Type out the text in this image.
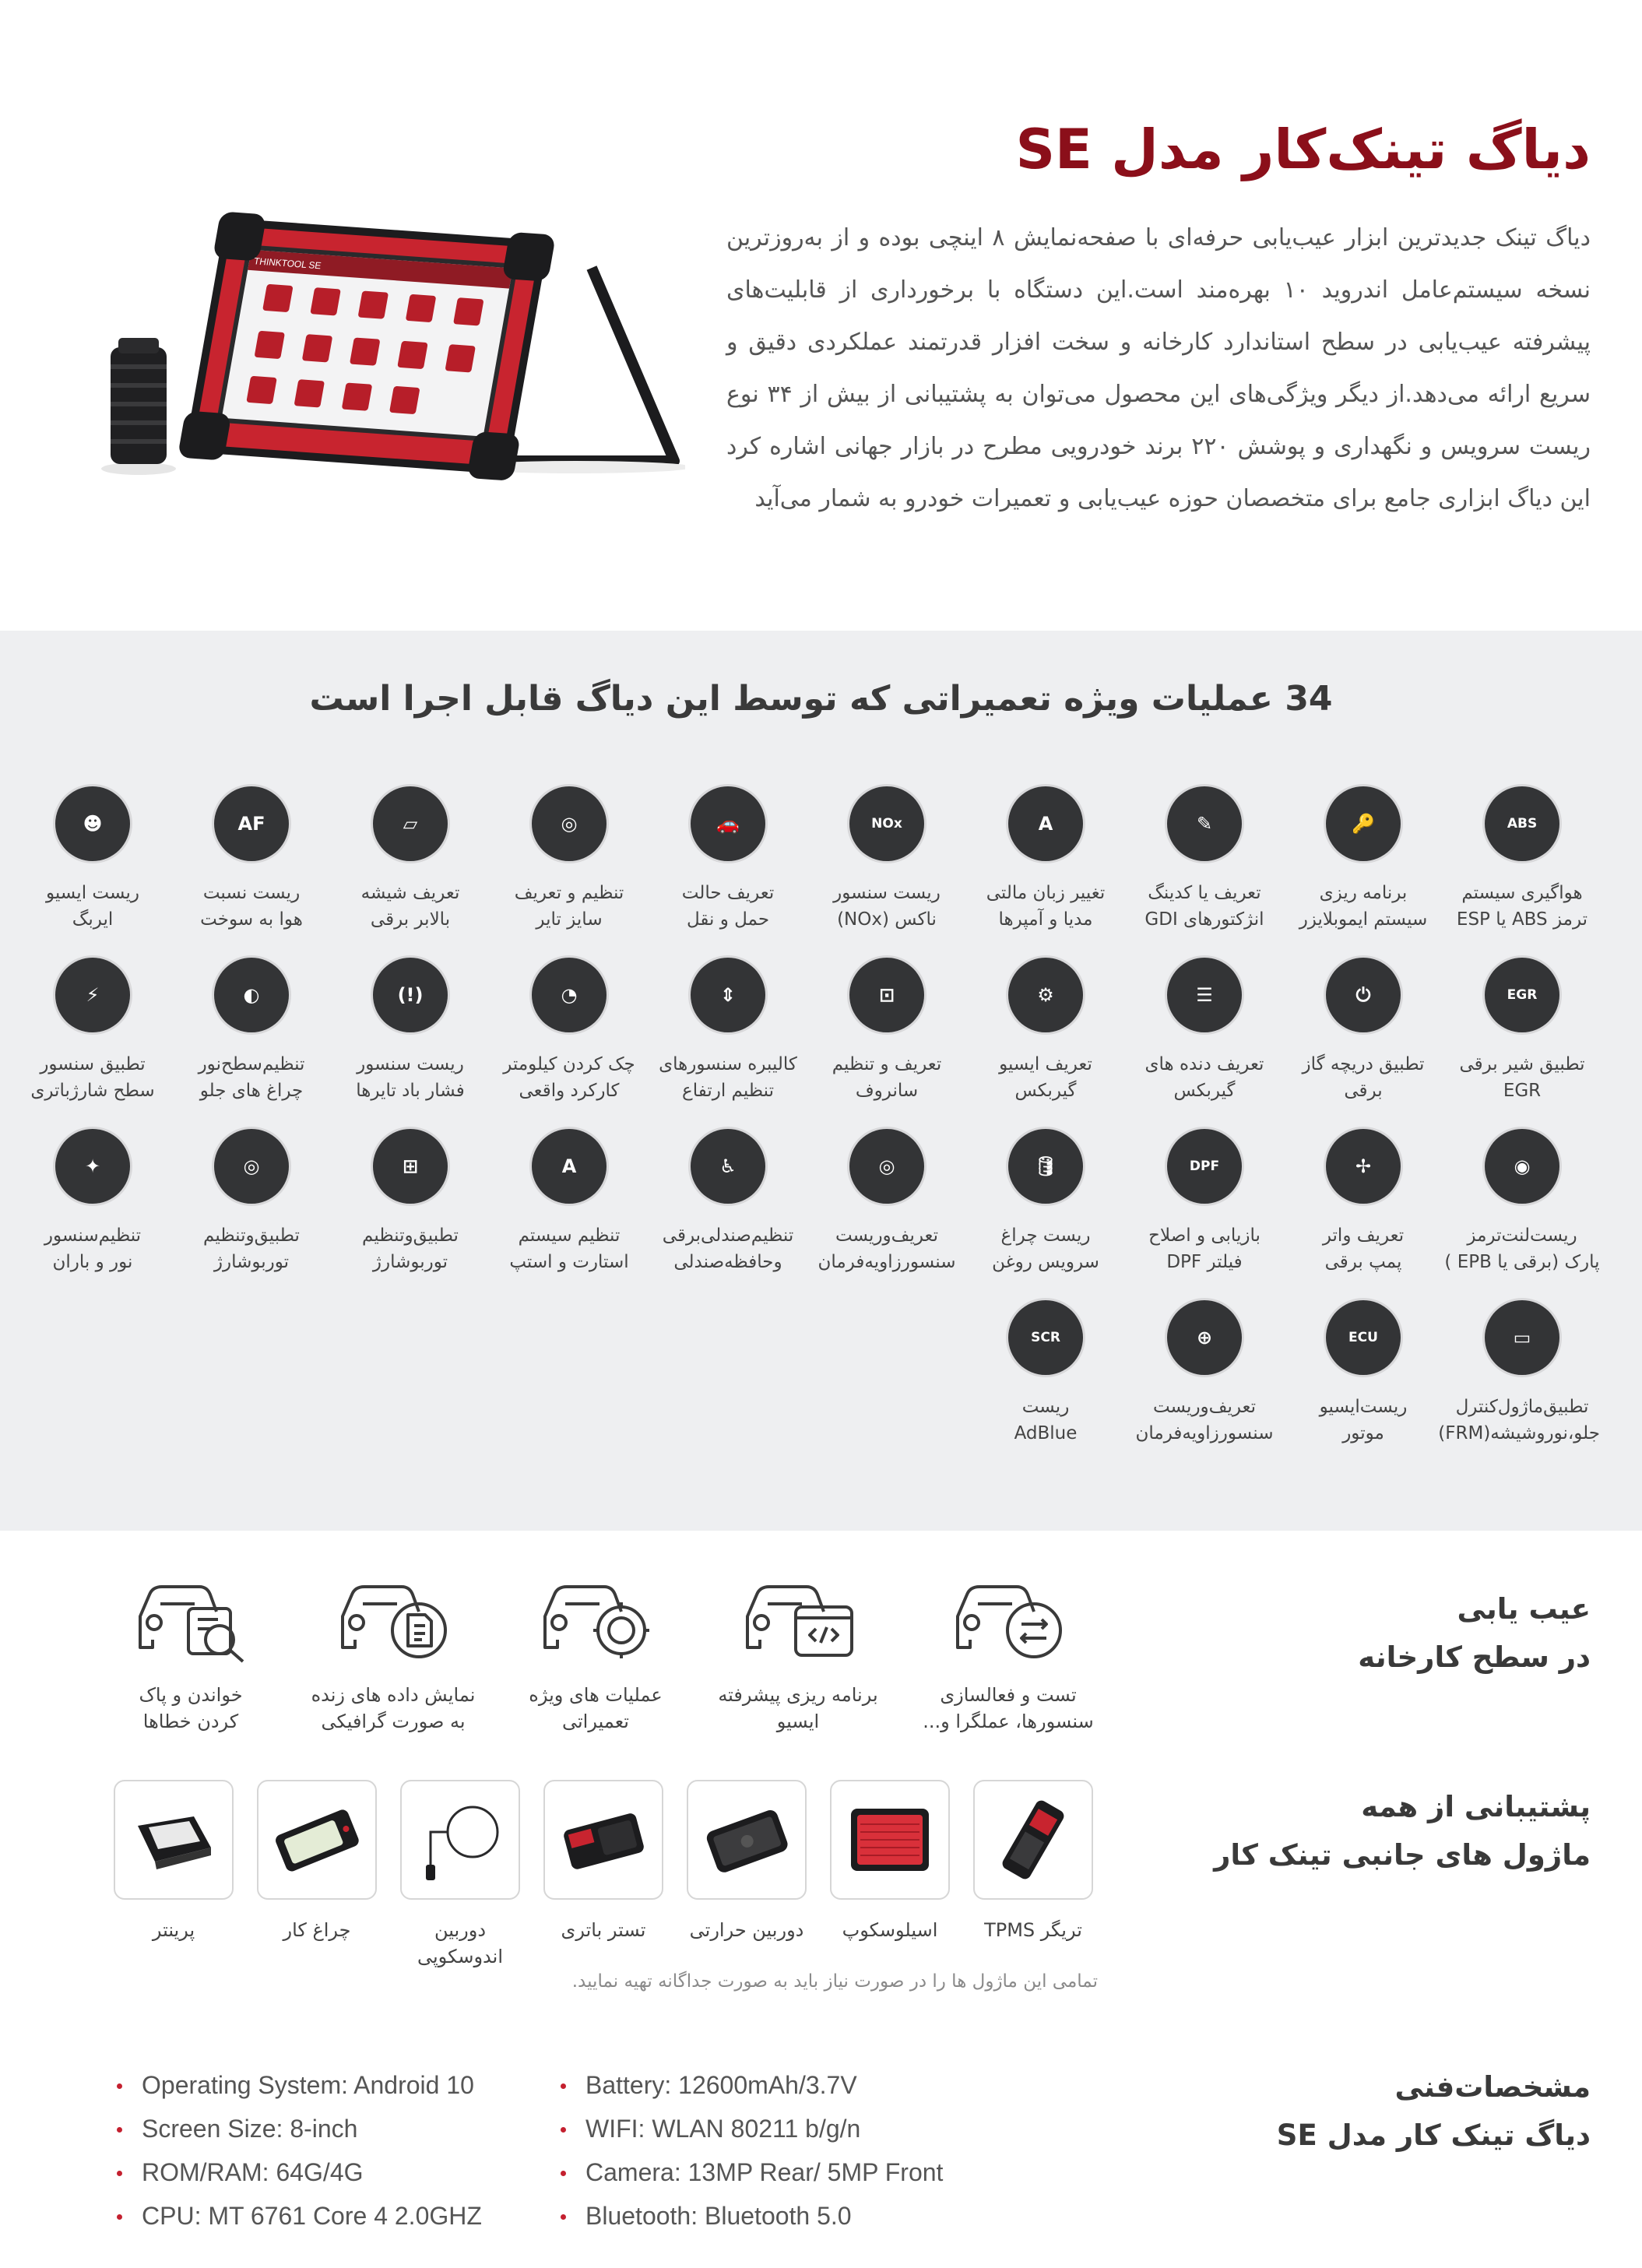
دیاگ تینک‌کار مدل SE

دیاگ تینک جدیدترین ابزار عیب‌یابی حرفه‌ای با صفحه‌نمایش ۸ اینچی بوده و از به‌روزترین نسخه سیستم‌عامل اندروید ۱۰ بهره‌مند است.این دستگاه با برخورداری از قابلیت‌های پیشرفته عیب‌یابی در سطح استاندارد کارخانه و سخت افزار قدرتمند عملکردی دقیق و سریع ارائه می‌دهد.از دیگر ویژگی‌های این محصول می‌توان به پشتیبانی از بیش از ۳۴ نوع ریست سرویس و نگهداری و پوشش ۲۲۰ برند خودرویی مطرح در بازار جهانی اشاره کرد این دیاگ ابزاری جامع برای متخصصان حوزه عیب‌یابی و تعمیرات خودرو به شمار می‌آید

THINKTOOL SE
34 عملیات ویژه تعمیراتی که توسط این دیاگ قابل اجرا است
ABS
هواگیری سیستم
ترمز ABS یا ESP
🔑
برنامه ریزی
سیستم ایموبلایزر
✎
تعریف یا کدینگ
انژکتورهای GDI
A
تغییر زبان مالتی
مدیا و آمپرها
NOx
ریست سنسور
ناکس (NOx)
🚗
تعریف حالت
حمل و نقل
◎
تنظیم و تعریف
سایز تایر
▱
تعریف شیشه
بالابر برقی
AF
ریست نسبت
هوا به سوخت
☻
ریست ایسیو
ایربگ
EGR
تطبیق شیر برقی
EGR
⏻
تطبیق دریچه گاز
برقی
☰
تعریف دنده های
گیربکس
⚙
تعریف ایسیو
گیربکس
⊡
تعریف و تنظیم
سانروف
⇕
کالیبره سنسورهای
تنظیم ارتفاع
◔
چک کردن کیلومتر
کارکرد واقعی
(!)
ریست سنسور
فشار باد تایرها
◐
تنظیم‌سطح‌نور
چراغ های جلو
⚡
تطبیق سنسور
سطح شارژ‌باتری
◉
ریست‌لنت‌ترمز
پارک (برقی یا EPB )
✢
تعریف واتر
پمپ برقی
DPF
بازیابی و اصلاح
فیلتر DPF
🛢
ریست چراغ
سرویس روغن
◎
تعریف‌و‌ریست
سنسور‌زاویه‌فرمان
♿
تنظیم‌صندلی‌برقی
و‌حافظه‌صندلی
A
تنظیم سیستم
استارت و استپ
⊞
تطبیق‌و‌تنظیم
توربو‌شارژ
◎
تطبیق‌و‌تنظیم
توربو‌شارژ
✦
تنظیم‌سنسور
نور و باران
▭
تطبیق‌ماژول‌کنترل
جلو،‌نور‌و‌شیشه(FRM)
ECU
ریست‌ایسیو
موتور
⊕
تعریف‌و‌ریست
سنسور‌زاویه‌فرمان
SCR
ریست
AdBlue
عیب یابی
در سطح کارخانه
تست و فعالسازی
سنسورها، عملگرا و...
برنامه ریزی پیشرفته
ایسیو
عملیات های ویژه
تعمیراتی
نمایش داده های زنده
به صورت گرافیکی
خواندن و پاک
کردن خطاها
پشتیبانی از همه
ماژول های جانبی تینک کار
تریگر TPMS
اسیلوسکوپ
دوربین حرارتی
تستر باتری
دوربین
اندوسکوپی
چراغ کار
پرینتر

تمامی این ماژول ها را در صورت نیاز باید به صورت جداگانه تهیه نمایید.

مشخصات‌فنی
دیاگ تینک کار مدل SE
Operating System: Android 10
Screen Size: 8-inch
ROM/RAM: 64G/4G
CPU: MT 6761 Core 4 2.0GHZ
Battery: 12600mAh/3.7V
WIFI: WLAN 80211 b/g/n
Camera: 13MP Rear/ 5MP Front
Bluetooth: Bluetooth 5.0
